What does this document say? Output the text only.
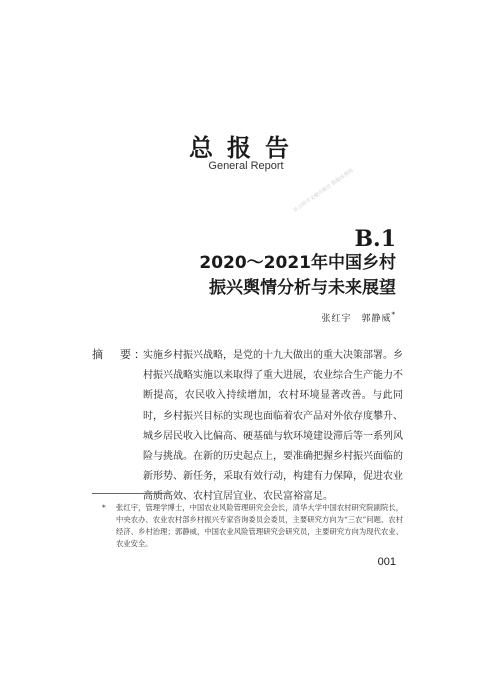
总报告
General Report
社会科学文献出版社 数据库使用
B.1
2020～2021年中国乡村
振兴舆情分析与未来展望
张红宇　郭静威*
摘　要：
实施乡村振兴战略，是党的十九大做出的重大决策部署。乡村振兴战略实施以来取得了重大进展，农业综合生产能力不断提高，农民收入持续增加，农村环境显著改善。与此同时，乡村振兴目标的实现也面临着农产品对外依存度攀升、城乡居民收入比偏高、硬基础与软环境建设滞后等一系列风险与挑战。在新的历史起点上，要准确把握乡村振兴面临的新形势、新任务，采取有效行动，构建有力保障，促进农业高质高效、农村宜居宜业、农民富裕富足。
* 张红宇，管理学博士，中国农业风险管理研究会会长，清华大学中国农村研究院副院长，中央农办、农业农村部乡村振兴专家咨询委员会委员，主要研究方向为“三农”问题、农村经济、乡村治理；郭静威，中国农业风险管理研究会研究员，主要研究方向为现代农业、农业安全。
001
